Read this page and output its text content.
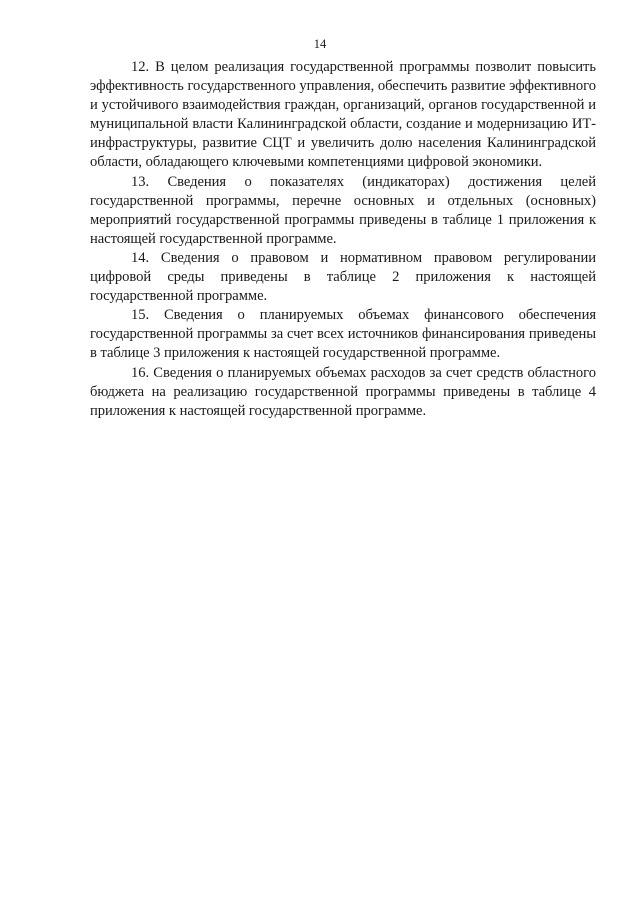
14

12. В целом реализация государственной программы позволит повысить эффективность государственного управления, обеспечить развитие эффективного и устойчивого взаимодействия граждан, организаций, органов государственной и муниципальной власти Калининградской области, создание и модернизацию ИТ-инфраструктуры, развитие СЦТ и увеличить долю населения Калининградской области, обладающего ключевыми компетенциями цифровой экономики.

13. Сведения о показателях (индикаторах) достижения целей государственной программы, перечне основных и отдельных (основных) мероприятий государственной программы приведены в таблице 1 приложения к настоящей государственной программе.

14. Сведения о правовом и нормативном правовом регулировании цифровой среды приведены в таблице 2 приложения к настоящей государственной программе.

15. Сведения о планируемых объемах финансового обеспечения государственной программы за счет всех источников финансирования приведены в таблице 3 приложения к настоящей государственной программе.

16. Сведения о планируемых объемах расходов за счет средств областного бюджета на реализацию государственной программы приведены в таблице 4 приложения к настоящей государственной программе.
